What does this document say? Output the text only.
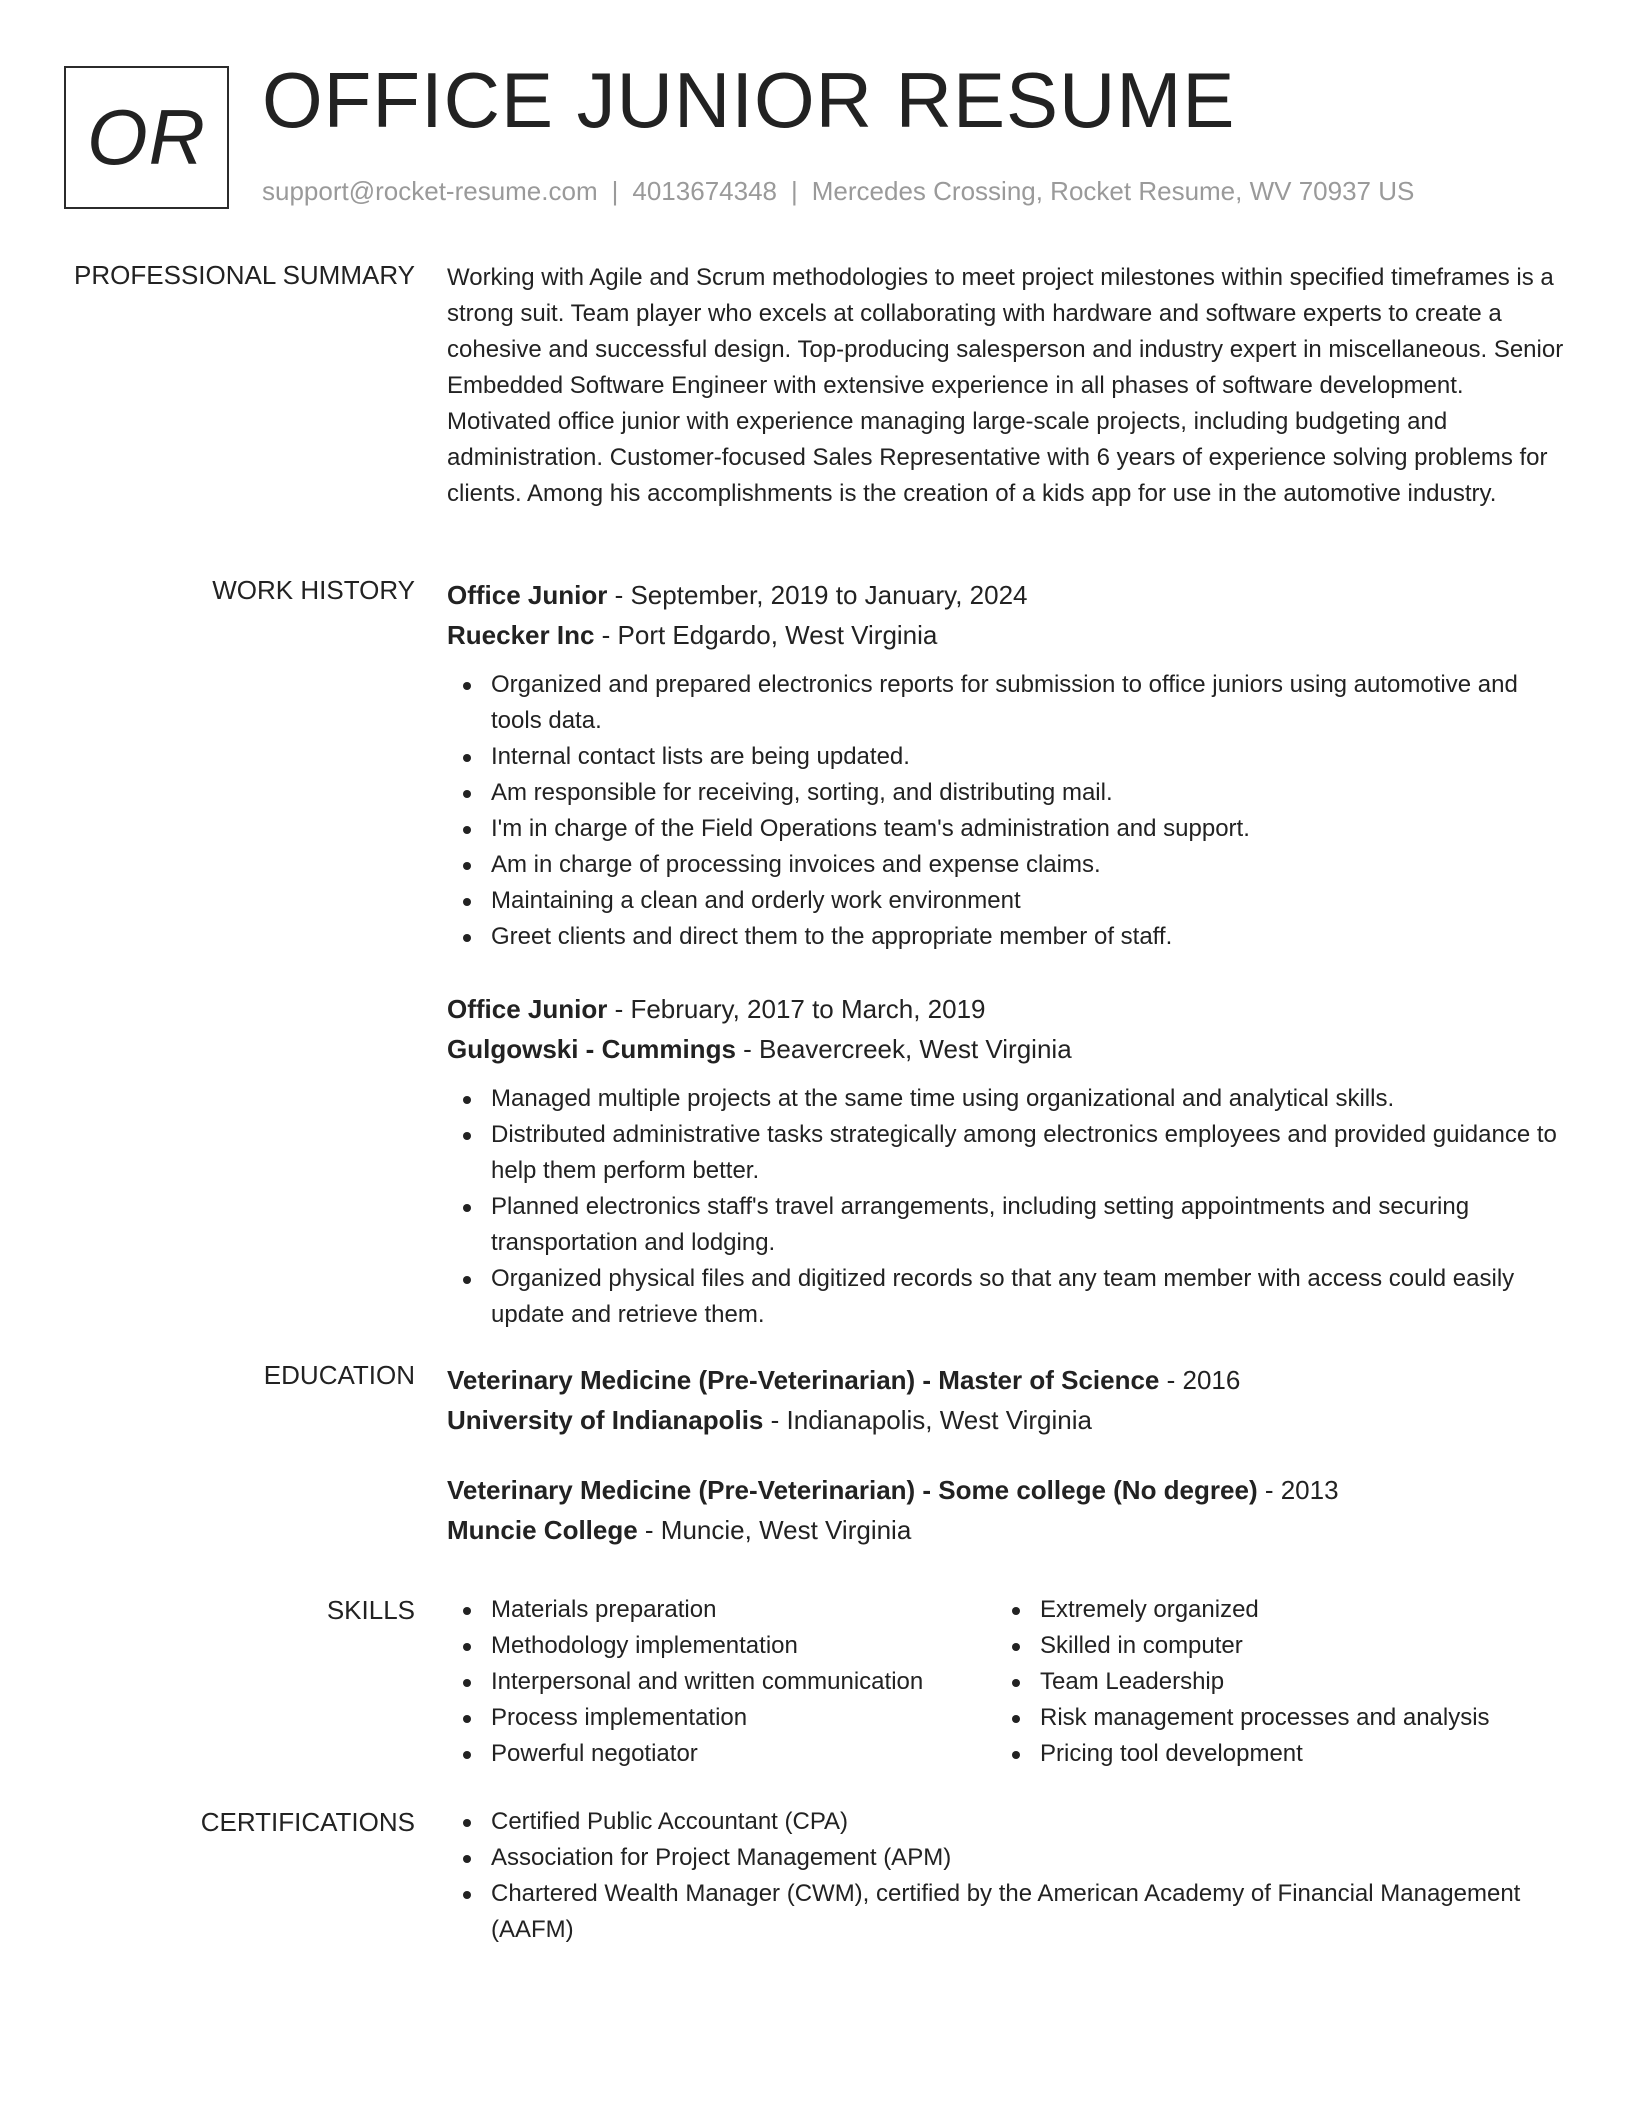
OR OFFICE JUNIOR RESUME
support@rocket-resume.com | 4013674348 | Mercedes Crossing, Rocket Resume, WV 70937 US
PROFESSIONAL SUMMARY Working with Agile and Scrum methodologies to meet project milestones within specified timeframes is a strong suit. Team player who excels at collaborating with hardware and software experts to create a cohesive and successful design. Top-producing salesperson and industry expert in miscellaneous. Senior Embedded Software Engineer with extensive experience in all phases of software development. Motivated office junior with experience managing large-scale projects, including budgeting and administration. Customer-focused Sales Representative with 6 years of experience solving problems for clients. Among his accomplishments is the creation of a kids app for use in the automotive industry.

WORK HISTORY Office Junior - September, 2019 to January, 2024
Ruecker Inc - Port Edgardo, West Virginia
Organized and prepared electronics reports for submission to office juniors using automotive and tools data.
Internal contact lists are being updated.
Am responsible for receiving, sorting, and distributing mail.
I'm in charge of the Field Operations team's administration and support.
Am in charge of processing invoices and expense claims.
Maintaining a clean and orderly work environment
Greet clients and direct them to the appropriate member of staff.
Office Junior - February, 2017 to March, 2019
Gulgowski - Cummings - Beavercreek, West Virginia
Managed multiple projects at the same time using organizational and analytical skills.
Distributed administrative tasks strategically among electronics employees and provided guidance to help them perform better.
Planned electronics staff's travel arrangements, including setting appointments and securing transportation and lodging.
Organized physical files and digitized records so that any team member with access could easily update and retrieve them.
EDUCATION Veterinary Medicine (Pre-Veterinarian) - Master of Science - 2016
University of Indianapolis - Indianapolis, West Virginia
Veterinary Medicine (Pre-Veterinarian) - Some college (No degree) - 2013
Muncie College - Muncie, West Virginia
SKILLS	Materials preparation
Methodology implementation
Interpersonal and written communication
Process implementation
Powerful negotiator
Extremely organized
Skilled in computer
Team Leadership
Risk management processes and analysis
Pricing tool development
CERTIFICATIONS	Certified Public Accountant (CPA)
Association for Project Management (APM)
Chartered Wealth Manager (CWM), certified by the American Academy of Financial Management (AAFM)
